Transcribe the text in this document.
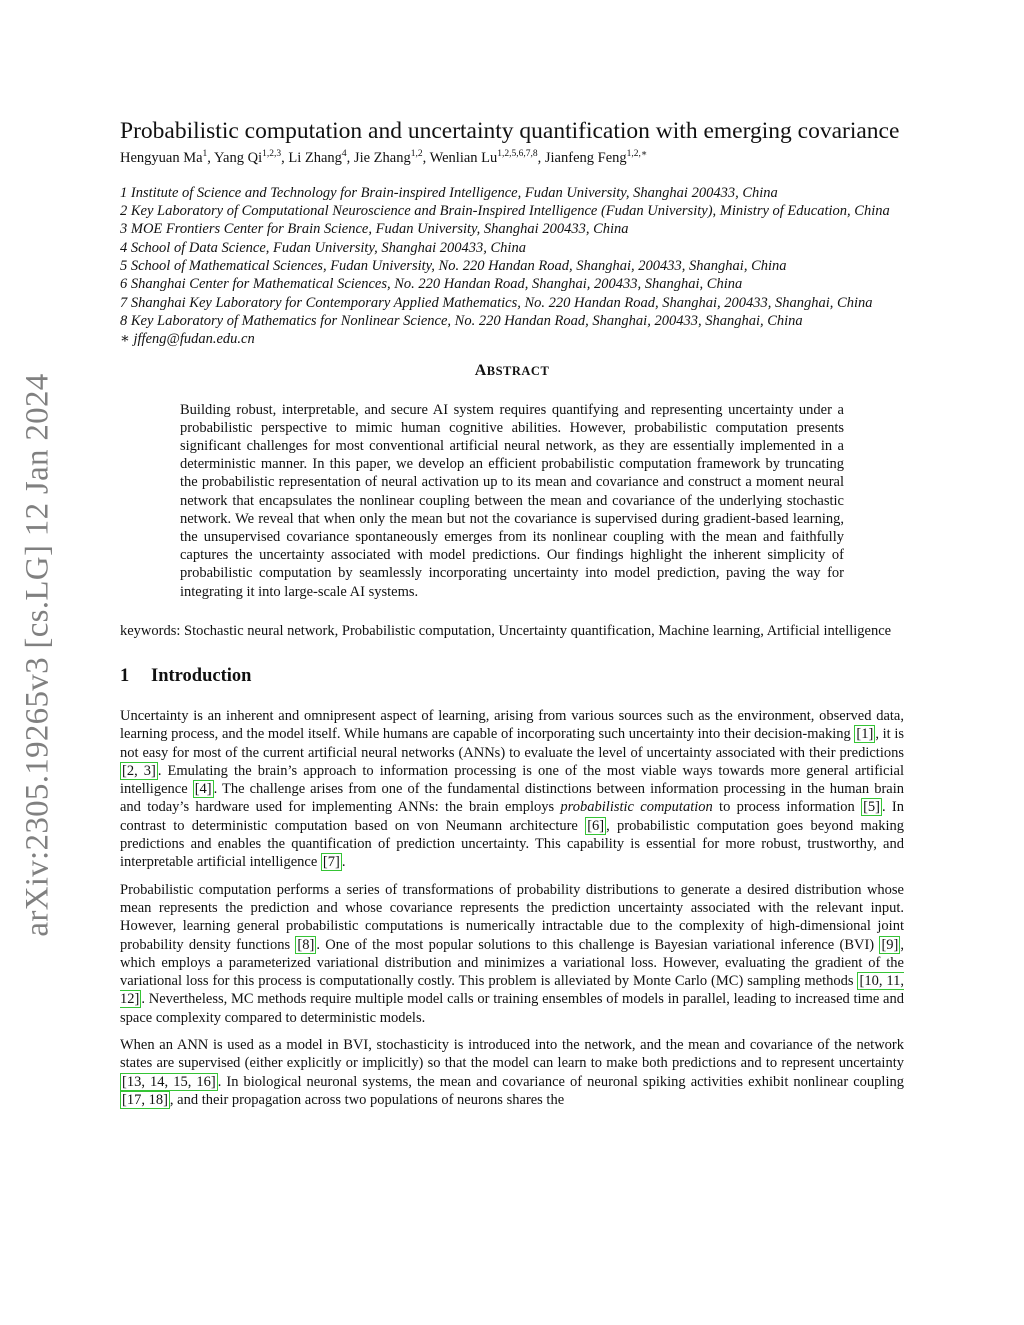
arXiv:2305.19265v3 [cs.LG] 12 Jan 2024
Probabilistic computation and uncertainty quantification with emerging covariance
Hengyuan Ma$^1$, Yang Qi$^{1,2,3}$, Li Zhang$^4$, Jie Zhang$^{1,2}$, Wenlian Lu$^{1,2,5,6,7,8}$, Jianfeng Feng$^{1,2,∗}$
1 Institute of Science and Technology for Brain-inspired Intelligence, Fudan University, Shanghai 200433, China
2 Key Laboratory of Computational Neuroscience and Brain-Inspired Intelligence (Fudan University), Ministry of Education, China
3 MOE Frontiers Center for Brain Science, Fudan University, Shanghai 200433, China
4 School of Data Science, Fudan University, Shanghai 200433, China
5 School of Mathematical Sciences, Fudan University, No. 220 Handan Road, Shanghai, 200433, Shanghai, China
6 Shanghai Center for Mathematical Sciences, No. 220 Handan Road, Shanghai, 200433, Shanghai, China
7 Shanghai Key Laboratory for Contemporary Applied Mathematics, No. 220 Handan Road, Shanghai, 200433, Shanghai, China
8 Key Laboratory of Mathematics for Nonlinear Science, No. 220 Handan Road, Shanghai, 200433, Shanghai, China
∗ jffeng@fudan.edu.cn
ABSTRACT
Building robust, interpretable, and secure AI system requires quantifying and representing uncertainty under a probabilistic perspective to mimic human cognitive abilities. However, probabilistic computation presents significant challenges for most conventional artificial neural network, as they are essentially implemented in a deterministic manner. In this paper, we develop an efficient probabilistic computation framework by truncating the probabilistic representation of neural activation up to its mean and covariance and construct a moment neural network that encapsulates the nonlinear coupling between the mean and covariance of the underlying stochastic network. We reveal that when only the mean but not the covariance is supervised during gradient-based learning, the unsupervised covariance spontaneously emerges from its nonlinear coupling with the mean and faithfully captures the uncertainty associated with model predictions. Our findings highlight the inherent simplicity of probabilistic computation by seamlessly incorporating uncertainty into model prediction, paving the way for integrating it into large-scale AI systems.
keywords: Stochastic neural network, Probabilistic computation, Uncertainty quantification, Machine learning, Artificial intelligence
1 Introduction
Uncertainty is an inherent and omnipresent aspect of learning, arising from various sources such as the environment, observed data, learning process, and the model itself. While humans are capable of incorporating such uncertainty into their decision-making [1] , it is not easy for most of the current artificial neural networks (ANNs) to evaluate the level of uncertainty associated with their predictions [2, 3] . Emulating the brain’s approach to information processing is one of the most viable ways towards more general artificial intelligence [4] . The challenge arises from one of the fundamental distinctions between information processing in the human brain and today’s hardware used for implementing ANNs: the brain employs probabilistic computation to process information [5] . In contrast to deterministic computation based on von Neumann architecture [6] , probabilistic computation goes beyond making predictions and enables the quantification of prediction uncertainty. This capability is essential for more robust, trustworthy, and interpretable artificial intelligence [7] .
Probabilistic computation performs a series of transformations of probability distributions to generate a desired distribution whose mean represents the prediction and whose covariance represents the prediction uncertainty associated with the relevant input. However, learning general probabilistic computations is numerically intractable due to the complexity of high-dimensional joint probability density functions [8] . One of the most popular solutions to this challenge is Bayesian variational inference (BVI) [9] , which employs a parameterized variational distribution and minimizes a variational loss. However, evaluating the gradient of the variational loss for this process is computationally costly. This problem is alleviated by Monte Carlo (MC) sampling methods [10, 11, 12] . Nevertheless, MC methods require multiple model calls or training ensembles of models in parallel, leading to increased time and space complexity compared to deterministic models.
When an ANN is used as a model in BVI, stochasticity is introduced into the network, and the mean and covariance of the network states are supervised (either explicitly or implicitly) so that the model can learn to make both predictions and to represent uncertainty [13, 14, 15, 16] . In biological neuronal systems, the mean and covariance of neuronal spiking activities exhibit nonlinear coupling [17, 18] , and their propagation across two populations of neurons shares the
